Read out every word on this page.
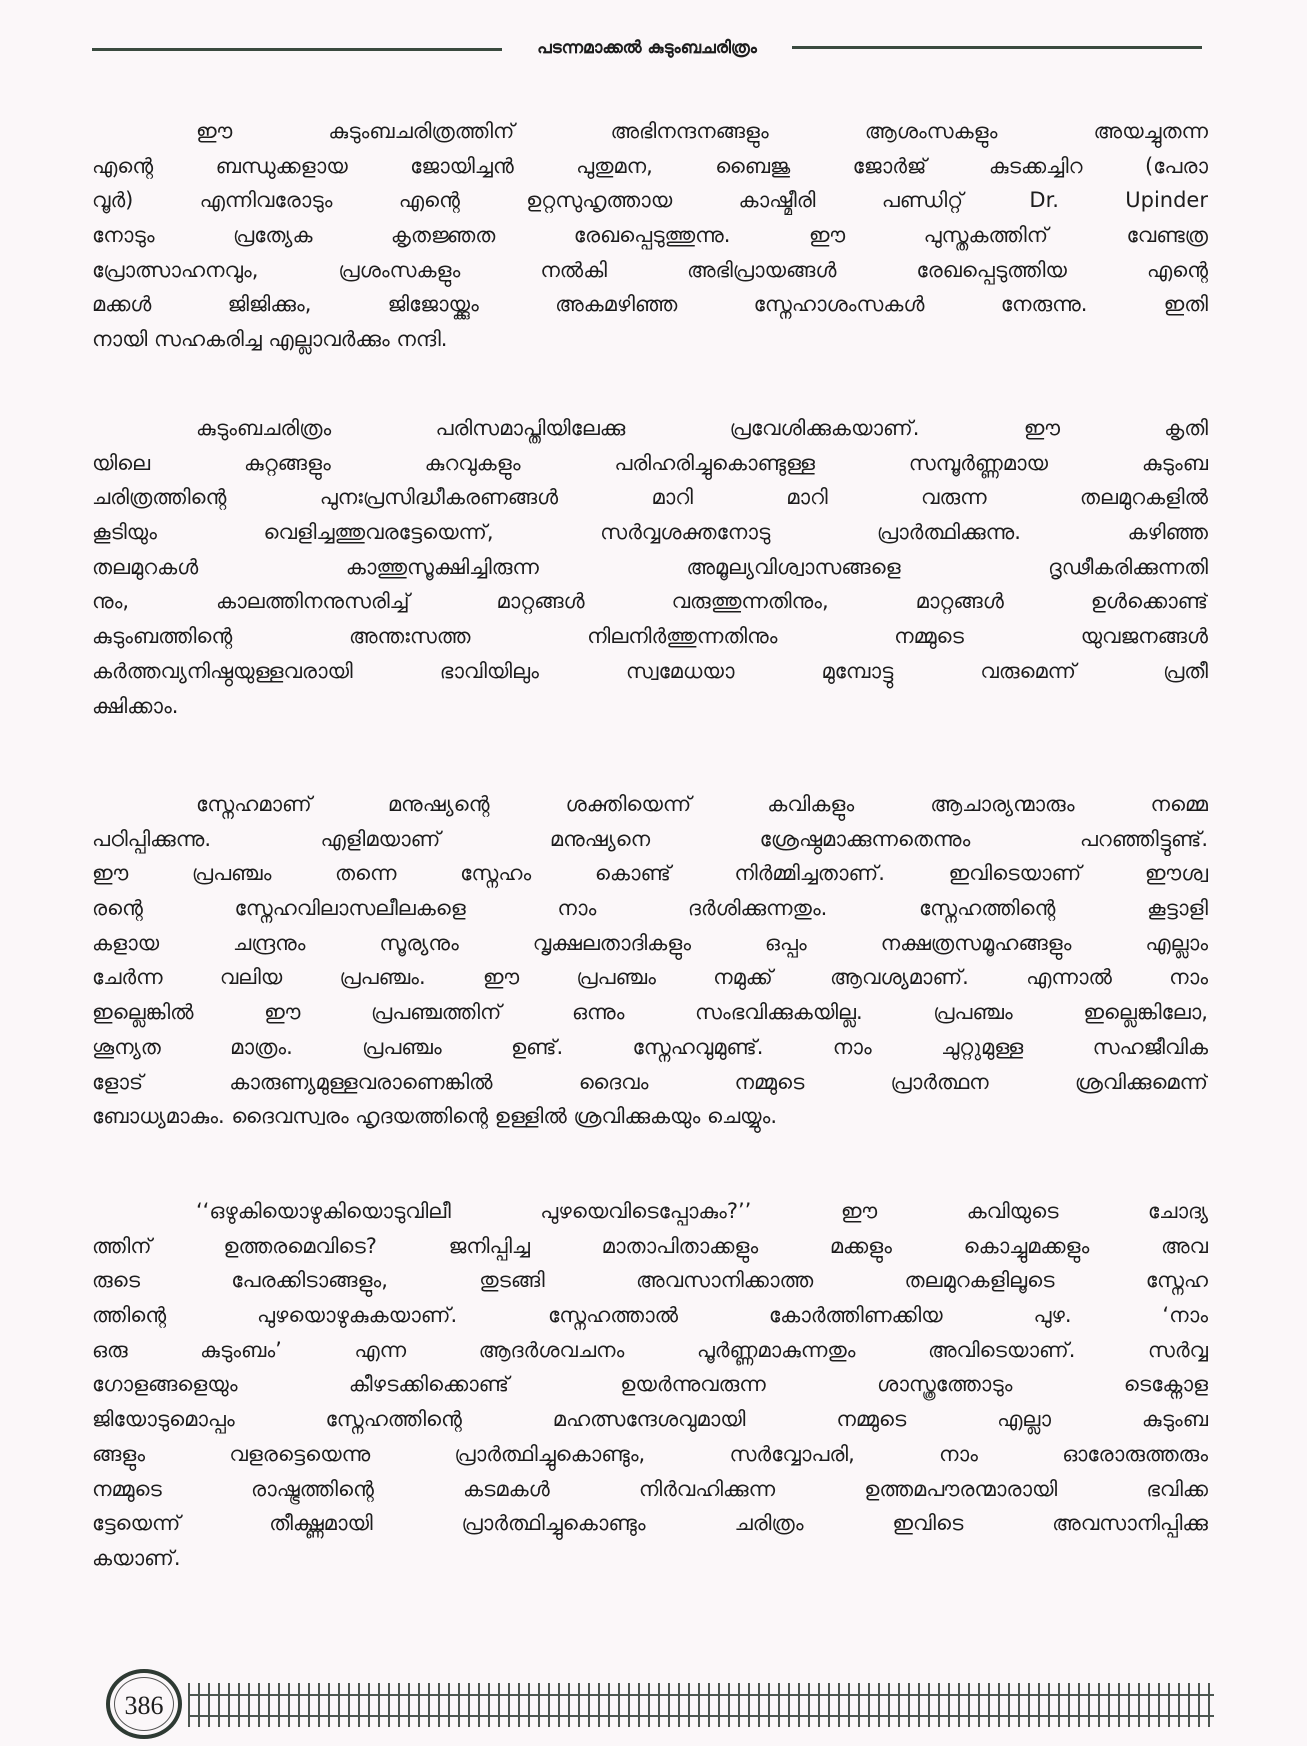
പടന്നമാക്കൽ കുടുംബചരിത്രം
ഈ കുടുംബചരിത്രത്തിന് അഭിനന്ദനങ്ങളും ആശംസകളും അയച്ചുതന്ന
എന്റെ ബന്ധുക്കളായ ജോയിച്ചൻ പുതുമന, ബൈജു ജോർജ് കുടക്കച്ചിറ (പേരാ
വൂർ) എന്നിവരോടും എന്റെ ഉറ്റസുഹൃത്തായ കാഷ്മീരി പണ്ഡിറ്റ് Dr. Upinder
നോടും പ്രത്യേക കൃതജ്ഞത രേഖപ്പെടുത്തുന്നു. ഈ പുസ്തകത്തിന് വേണ്ടത്ര
പ്രോത്സാഹനവും, പ്രശംസകളും നൽകി അഭിപ്രായങ്ങൾ രേഖപ്പെടുത്തിയ എന്റെ
മക്കൾ ജിജിക്കും, ജിജോയ്ക്കും അകമഴിഞ്ഞ സ്നേഹാശംസകൾ നേരുന്നു. ഇതി
നായി സഹകരിച്ച എല്ലാവർക്കും നന്ദി.
കുടുംബചരിത്രം പരിസമാപ്തിയിലേക്കു പ്രവേശിക്കുകയാണ്. ഈ കൃതി
യിലെ കുറ്റങ്ങളും കുറവുകളും പരിഹരിച്ചുകൊണ്ടുള്ള സമ്പൂർണ്ണമായ കുടുംബ
ചരിത്രത്തിന്റെ പുനഃപ്രസിദ്ധീകരണങ്ങൾ മാറി മാറി വരുന്ന തലമുറകളിൽ
കൂടിയും വെളിച്ചത്തുവരട്ടേയെന്ന്, സർവ്വശക്തനോടു പ്രാർത്ഥിക്കുന്നു. കഴിഞ്ഞ
തലമുറകൾ കാത്തുസൂക്ഷിച്ചിരുന്ന അമൂല്യവിശ്വാസങ്ങളെ ദൃഢീകരിക്കുന്നതി
നും, കാലത്തിനനുസരിച്ച് മാറ്റങ്ങൾ വരുത്തുന്നതിനും, മാറ്റങ്ങൾ ഉൾക്കൊണ്ട്
കുടുംബത്തിന്റെ അന്തഃസത്ത നിലനിർത്തുന്നതിനും നമ്മുടെ യുവജനങ്ങൾ
കർത്തവ്യനിഷ്ഠയുള്ളവരായി ഭാവിയിലും സ്വമേധയാ മുമ്പോട്ടു വരുമെന്ന് പ്രതീ
ക്ഷിക്കാം.
സ്നേഹമാണ് മനുഷ്യന്റെ ശക്തിയെന്ന് കവികളും ആചാര്യന്മാരും നമ്മെ
പഠിപ്പിക്കുന്നു. എളിമയാണ് മനുഷ്യനെ ശ്രേഷ്ഠമാക്കുന്നതെന്നും പറഞ്ഞിട്ടുണ്ട്.
ഈ പ്രപഞ്ചം തന്നെ സ്നേഹം കൊണ്ട് നിർമ്മിച്ചതാണ്. ഇവിടെയാണ് ഈശ്വ
രന്റെ സ്നേഹവിലാസലീലകളെ നാം ദർശിക്കുന്നതും. സ്നേഹത്തിന്റെ കൂട്ടാളി
കളായ ചന്ദ്രനും സൂര്യനും വൃക്ഷലതാദികളും ഒപ്പം നക്ഷത്രസമൂഹങ്ങളും എല്ലാം
ചേർന്ന വലിയ പ്രപഞ്ചം. ഈ പ്രപഞ്ചം നമുക്ക് ആവശ്യമാണ്. എന്നാൽ നാം
ഇല്ലെങ്കിൽ ഈ പ്രപഞ്ചത്തിന് ഒന്നും സംഭവിക്കുകയില്ല. പ്രപഞ്ചം ഇല്ലെങ്കിലോ,
ശൂന്യത മാത്രം. പ്രപഞ്ചം ഉണ്ട്. സ്നേഹവുമുണ്ട്. നാം ചുറ്റുമുള്ള സഹജീവിക
ളോട് കാരുണ്യമുള്ളവരാണെങ്കിൽ ദൈവം നമ്മുടെ പ്രാർത്ഥന ശ്രവിക്കുമെന്ന്
ബോധ്യമാകും. ദൈവസ്വരം ഹൃദയത്തിന്റെ ഉള്ളിൽ ശ്രവിക്കുകയും ചെയ്യും.
‘‘ഒഴുകിയൊഴുകിയൊടുവിലീ പുഴയെവിടെപ്പോകും?’’ ഈ കവിയുടെ ചോദ്യ
ത്തിന് ഉത്തരമെവിടെ? ജനിപ്പിച്ച മാതാപിതാക്കളും മക്കളും കൊച്ചുമക്കളും അവ
രുടെ പേരക്കിടാങ്ങളും, തുടങ്ങി അവസാനിക്കാത്ത തലമുറകളിലൂടെ സ്നേഹ
ത്തിന്റെ പുഴയൊഴുകുകയാണ്. സ്നേഹത്താൽ കോർത്തിണക്കിയ പുഴ. ‘നാം
ഒരു കുടുംബം’ എന്ന ആദർശവചനം പൂർണ്ണമാകുന്നതും അവിടെയാണ്. സർവ്വ
ഗോളങ്ങളെയും കീഴടക്കിക്കൊണ്ട് ഉയർന്നുവരുന്ന ശാസ്ത്രത്തോടും ടെക്നോള
ജിയോടുമൊപ്പം സ്നേഹത്തിന്റെ മഹത്സന്ദേശവുമായി നമ്മുടെ എല്ലാ കുടുംബ
ങ്ങളും വളരട്ടെയെന്നു പ്രാർത്ഥിച്ചുകൊണ്ടും, സർവ്വോപരി, നാം ഓരോരുത്തരും
നമ്മുടെ രാഷ്ട്രത്തിന്റെ കടമകൾ നിർവഹിക്കുന്ന ഉത്തമപൗരന്മാരായി ഭവിക്ക
ട്ടേയെന്ന് തീക്ഷ്ണമായി പ്രാർത്ഥിച്ചുകൊണ്ടും ചരിത്രം ഇവിടെ അവസാനിപ്പിക്കു
കയാണ്.
386
